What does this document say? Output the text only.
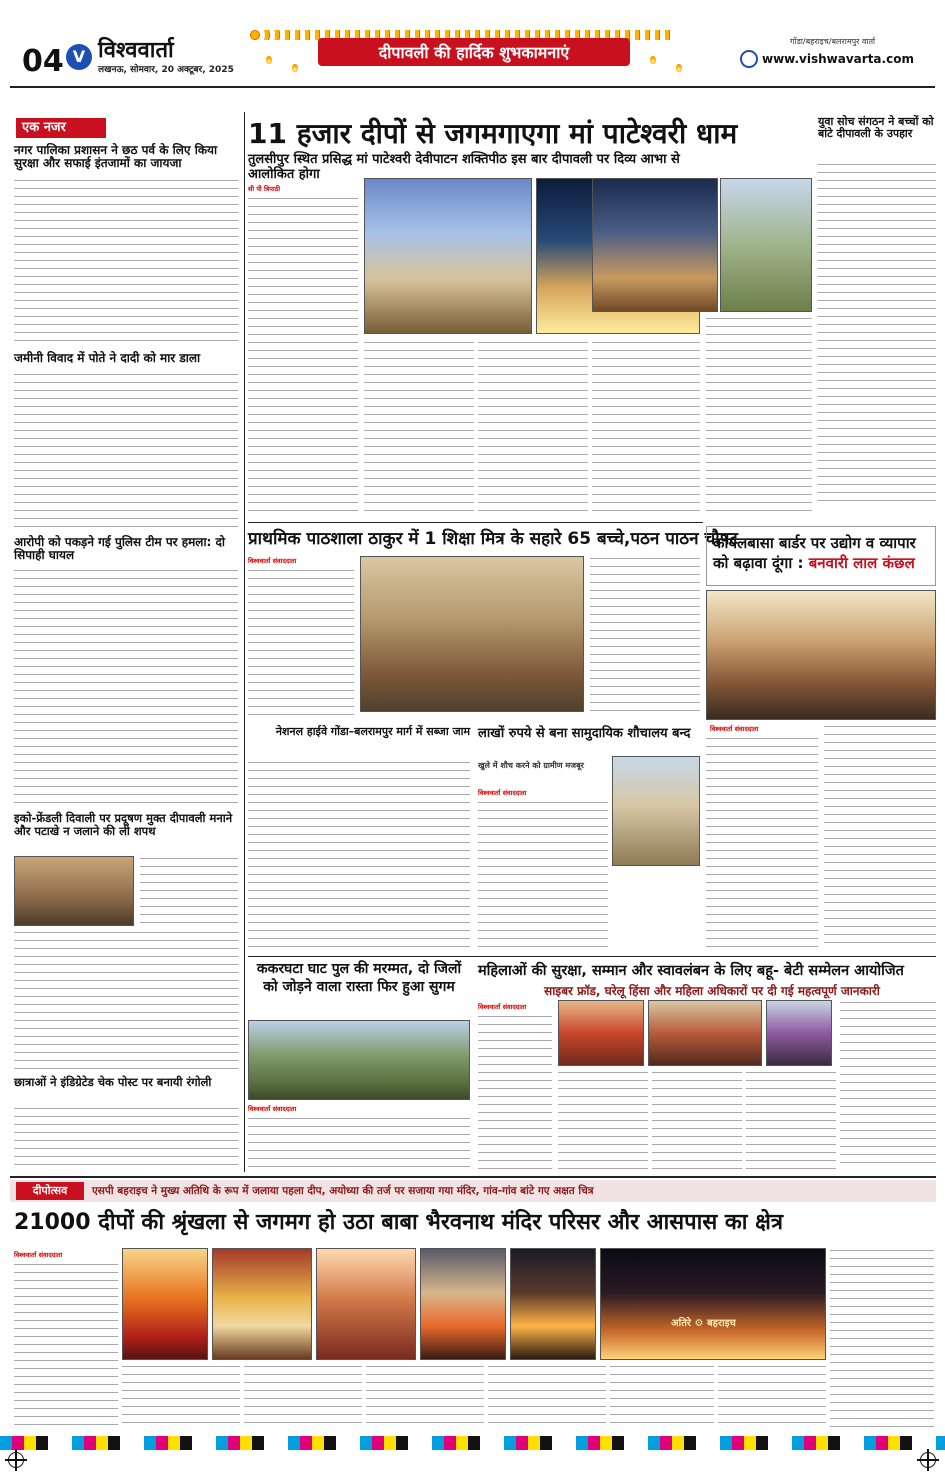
04 V विश्ववार्ता
लखनऊ, सोमवार, 20 अक्टूबर, 2025
दीपावली की हार्दिक शुभकामनाएं
गोंडा/बहराइच/बलरामपुर वार्ता
www.vishwavarta.com
एक नजर
नगर पालिका प्रशासन ने छठ पर्व के लिए किया सुरक्षा और सफाई इंतजामों का जायजा
जमीनी विवाद में पोते ने दादी को मार डाला
आरोपी को पकड़ने गई पुलिस टीम पर हमला: दो सिपाही घायल
इको-फ्रेंडली दिवाली पर प्रदूषण मुक्त दीपावली मनाने और पटाखे न जलाने की ली शपथ
छात्राओं ने इंडिग्रेटेड चेक पोस्ट पर बनायी रंगोली
11 हजार दीपों से जगमगाएगा मां पाटेश्वरी धाम
तुलसीपुर स्थित प्रसिद्ध मां पाटेश्वरी देवीपाटन शक्तिपीठ इस बार दीपावली पर दिव्य आभा से आलोकित होगा
सी पी त्रिपाठी
युवा सोच संगठन ने बच्चों को बांटे दीपावली के उपहार
प्राथमिक पाठशाला ठाकुर में 1 शिक्षा मित्र के सहारे 65 बच्चे,पठन पाठन चौपट
विश्ववार्ता संवाददाता
कोयलबासा बार्डर पर उद्योग व व्यापार को बढ़ावा दूंगा : बनवारी लाल कंछल
नेशनल हाईवे गोंडा–बलरामपुर मार्ग में सब्जा जाम लाखों रुपये से बना सामुदायिक शौचालय बन्द
खुले में शौच करने को ग्रामीण मजबूर
विश्ववार्ता संवाददाता
विश्ववार्ता संवाददाता
ककरघटा घाट पुल की मरम्मत, दो जिलों को जोड़ने वाला रास्ता फिर हुआ सुगम
विश्ववार्ता संवाददाता
महिलाओं की सुरक्षा, सम्मान और स्वावलंबन के लिए बहू- बेटी सम्मेलन आयोजित
साइबर फ्रॉड, घरेलू हिंसा और महिला अधिकारों पर दी गई महत्वपूर्ण जानकारी
विश्ववार्ता संवाददाता
दीपोत्सव	एसपी बहराइच ने मुख्य अतिथि के रूप में जलाया पहला दीप, अयोध्या की तर्ज पर सजाया गया मंदिर, गांव-गांव बांटे गए अक्षत चित्र
21000 दीपों की श्रृंखला से जगमग हो उठा बाबा भैरवनाथ मंदिर परिसर और आसपास का क्षेत्र
विश्ववार्ता संवाददाता
अतिरे ⚙ बहराइच
